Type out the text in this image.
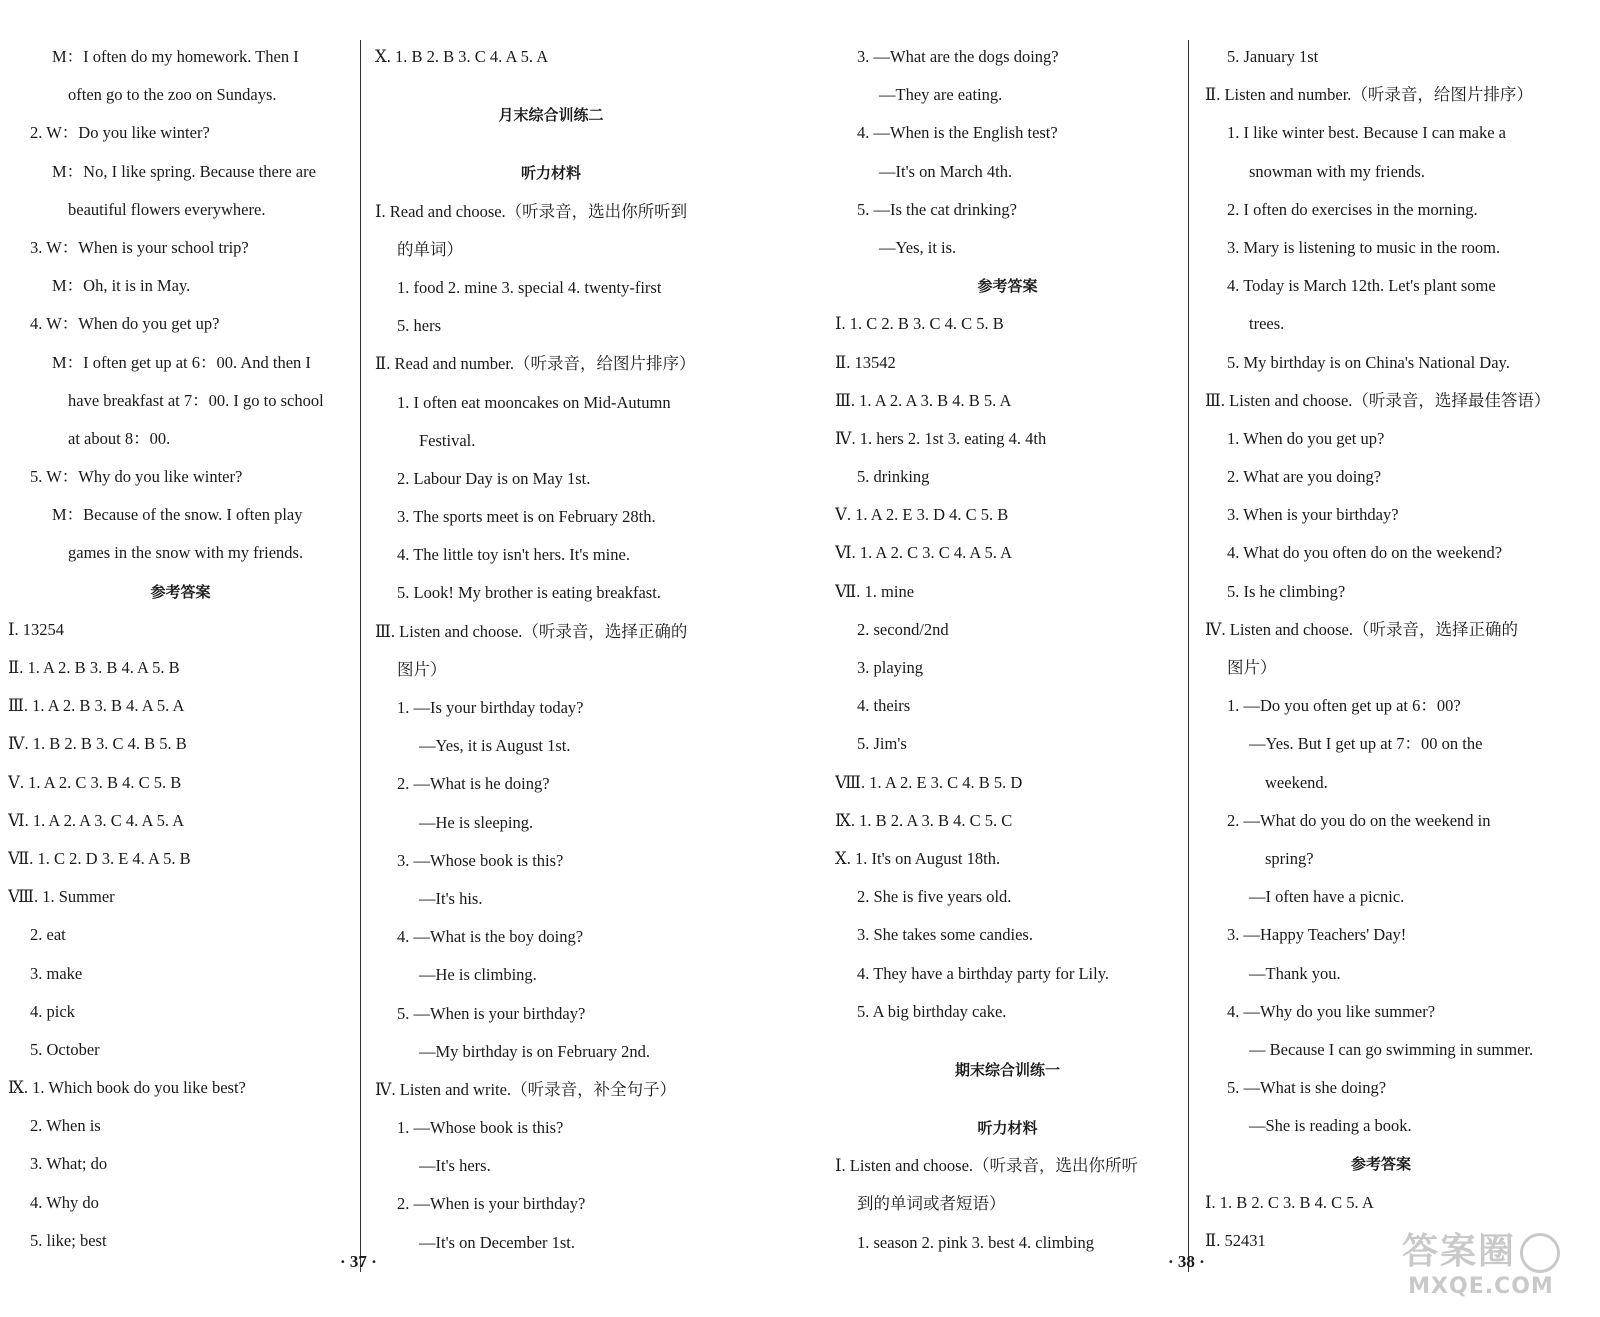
M：I often do my homework. Then I
often go to the zoo on Sundays.
2. W：Do you like winter?
M：No, I like spring. Because there are
beautiful flowers everywhere.
3. W：When is your school trip?
M：Oh, it is in May.
4. W：When do you get up?
M：I often get up at 6：00. And then I
have breakfast at 7：00. I go to school
at about 8：00.
5. W：Why do you like winter?
M：Because of the snow. I often play
games in the snow with my friends.
参考答案
Ⅰ. 13254
Ⅱ. 1. A 2. B 3. B 4. A 5. B
Ⅲ. 1. A 2. B 3. B 4. A 5. A
Ⅳ. 1. B 2. B 3. C 4. B 5. B
Ⅴ. 1. A 2. C 3. B 4. C 5. B
Ⅵ. 1. A 2. A 3. C 4. A 5. A
Ⅶ. 1. C 2. D 3. E 4. A 5. B
Ⅷ. 1. Summer
2. eat
3. make
4. pick
5. October
Ⅸ. 1. Which book do you like best?
2. When is
3. What; do
4. Why do
5. like; best
Ⅹ. 1. B 2. B 3. C 4. A 5. A
月末综合训练二
听力材料
Ⅰ. Read and choose.（听录音，选出你所听到
的单词）
1. food 2. mine 3. special 4. twenty-first
5. hers
Ⅱ. Read and number.（听录音，给图片排序）
1. I often eat mooncakes on Mid-Autumn
Festival.
2. Labour Day is on May 1st.
3. The sports meet is on February 28th.
4. The little toy isn't hers. It's mine.
5. Look! My brother is eating breakfast.
Ⅲ. Listen and choose.（听录音，选择正确的
图片）
1. —Is your birthday today?
—Yes, it is August 1st.
2. —What is he doing?
—He is sleeping.
3. —Whose book is this?
—It's his.
4. —What is the boy doing?
—He is climbing.
5. —When is your birthday?
—My birthday is on February 2nd.
Ⅳ. Listen and write.（听录音，补全句子）
1. —Whose book is this?
—It's hers.
2. —When is your birthday?
—It's on December 1st.
· 37 ·
3. —What are the dogs doing?
—They are eating.
4. —When is the English test?
—It's on March 4th.
5. —Is the cat drinking?
—Yes, it is.
参考答案
Ⅰ. 1. C 2. B 3. C 4. C 5. B
Ⅱ. 13542
Ⅲ. 1. A 2. A 3. B 4. B 5. A
Ⅳ. 1. hers 2. 1st 3. eating 4. 4th
5. drinking
Ⅴ. 1. A 2. E 3. D 4. C 5. B
Ⅵ. 1. A 2. C 3. C 4. A 5. A
Ⅶ. 1. mine
2. second/2nd
3. playing
4. theirs
5. Jim's
Ⅷ. 1. A 2. E 3. C 4. B 5. D
Ⅸ. 1. B 2. A 3. B 4. C 5. C
Ⅹ. 1. It's on August 18th.
2. She is five years old.
3. She takes some candies.
4. They have a birthday party for Lily.
5. A big birthday cake.
期末综合训练一
听力材料
Ⅰ. Listen and choose.（听录音，选出你所听
到的单词或者短语）
1. season 2. pink 3. best 4. climbing
5. January 1st
Ⅱ. Listen and number.（听录音，给图片排序）
1. I like winter best. Because I can make a
snowman with my friends.
2. I often do exercises in the morning.
3. Mary is listening to music in the room.
4. Today is March 12th. Let's plant some
trees.
5. My birthday is on China's National Day.
Ⅲ. Listen and choose.（听录音，选择最佳答语）
1. When do you get up?
2. What are you doing?
3. When is your birthday?
4. What do you often do on the weekend?
5. Is he climbing?
Ⅳ. Listen and choose.（听录音，选择正确的
图片）
1. —Do you often get up at 6：00?
—Yes. But I get up at 7：00 on the
weekend.
2. —What do you do on the weekend in
spring?
—I often have a picnic.
3. —Happy Teachers' Day!
—Thank you.
4. —Why do you like summer?
— Because I can go swimming in summer.
5. —What is she doing?
—She is reading a book.
参考答案
Ⅰ. 1. B 2. C 3. B 4. C 5. A
Ⅱ. 52431
· 38 ·	答案圈
MXQE.COM
